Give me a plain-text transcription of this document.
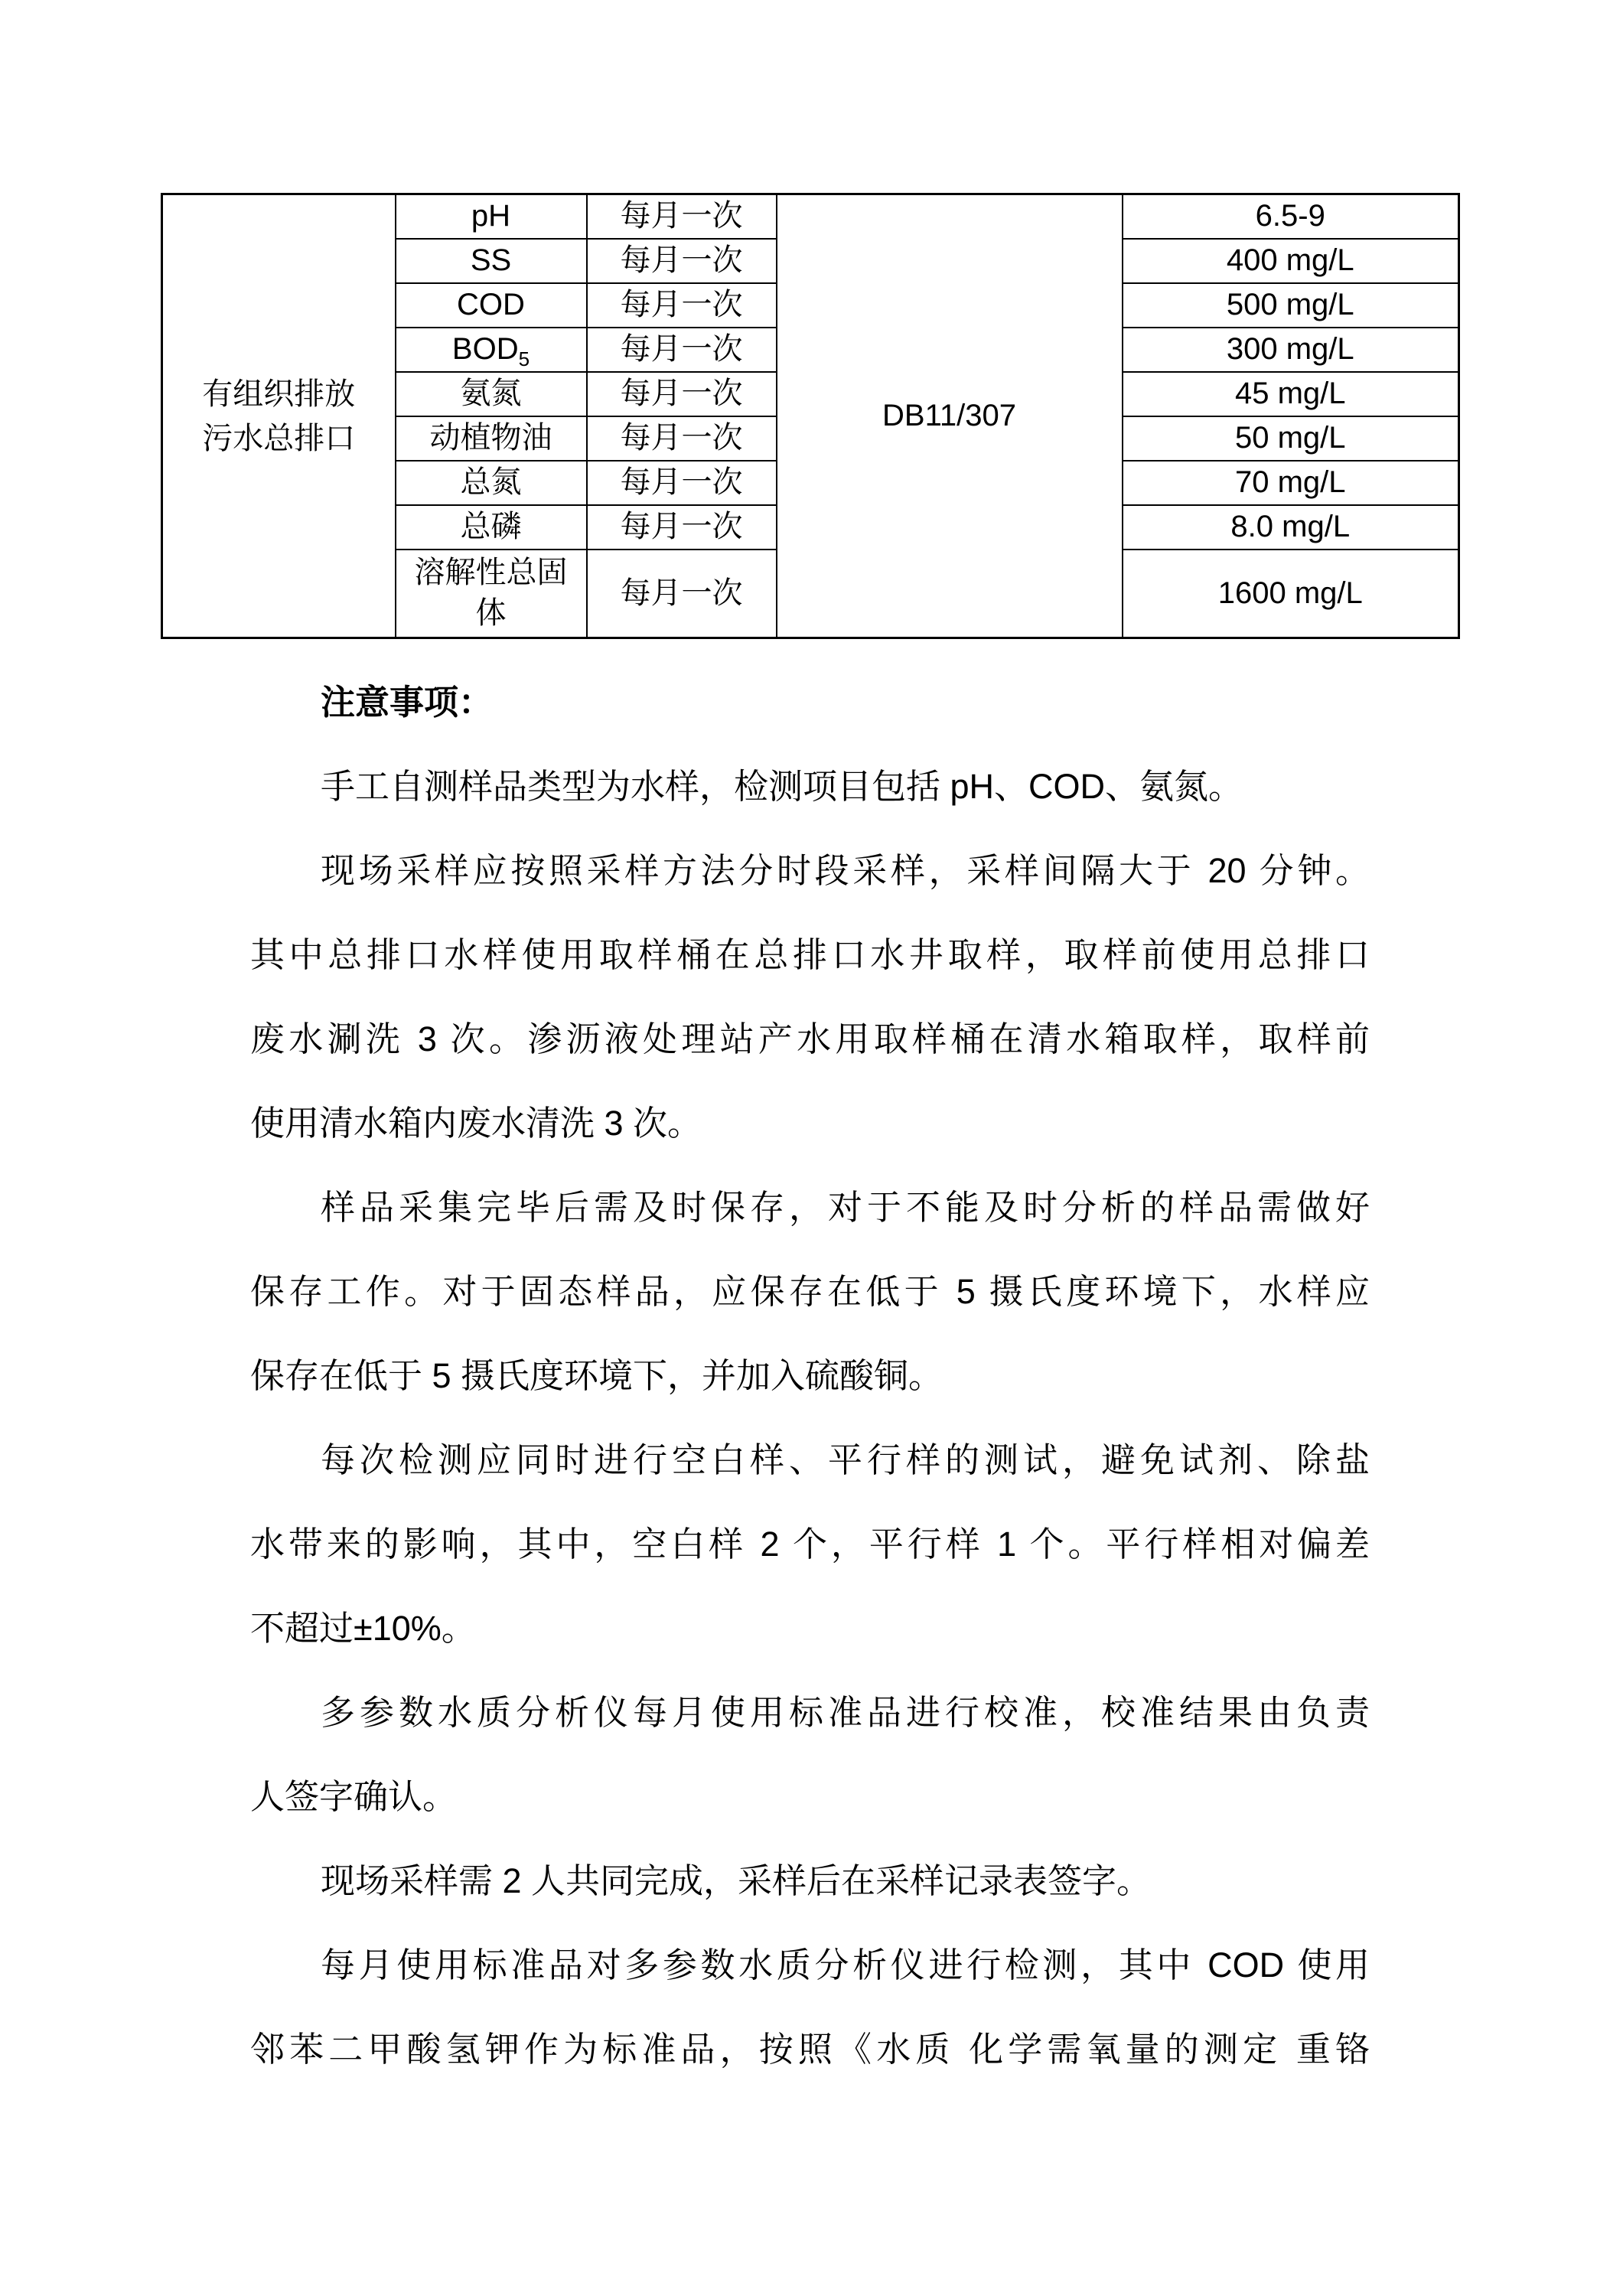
有组织排放
污水总排口	pH	每月一次	DB11/307	6.5-9
	SS	每月一次		400 mg/L
	COD	每月一次		500 mg/L
	$BOD_5$	每月一次		300 mg/L
	氨氮	每月一次		45 mg/L
	动植物油	每月一次		50 mg/L
	总氮	每月一次		70 mg/L
	总磷	每月一次		8.0 mg/L
	溶解性总固体	每月一次		1600 mg/L
注意事项：
手工自测样品类型为水样，检测项目包括 pH、COD、氨氮。
现场采样应按照采样方法分时段采样，采样间隔大于 20 分钟。
其中总排口水样使用取样桶在总排口水井取样，取样前使用总排口
废水涮洗 3 次。渗沥液处理站产水用取样桶在清水箱取样，取样前
使用清水箱内废水清洗 3 次。
样品采集完毕后需及时保存，对于不能及时分析的样品需做好
保存工作。对于固态样品，应保存在低于 5 摄氏度环境下，水样应
保存在低于 5 摄氏度环境下，并加入硫酸铜。
每次检测应同时进行空白样、平行样的测试，避免试剂、除盐
水带来的影响，其中，空白样 2 个，平行样 1 个。平行样相对偏差
不超过±10%。
多参数水质分析仪每月使用标准品进行校准，校准结果由负责
人签字确认。
现场采样需 2 人共同完成，采样后在采样记录表签字。
每月使用标准品对多参数水质分析仪进行检测，其中 COD 使用
邻苯二甲酸氢钾作为标准品，按照《水质 化学需氧量的测定 重铬
